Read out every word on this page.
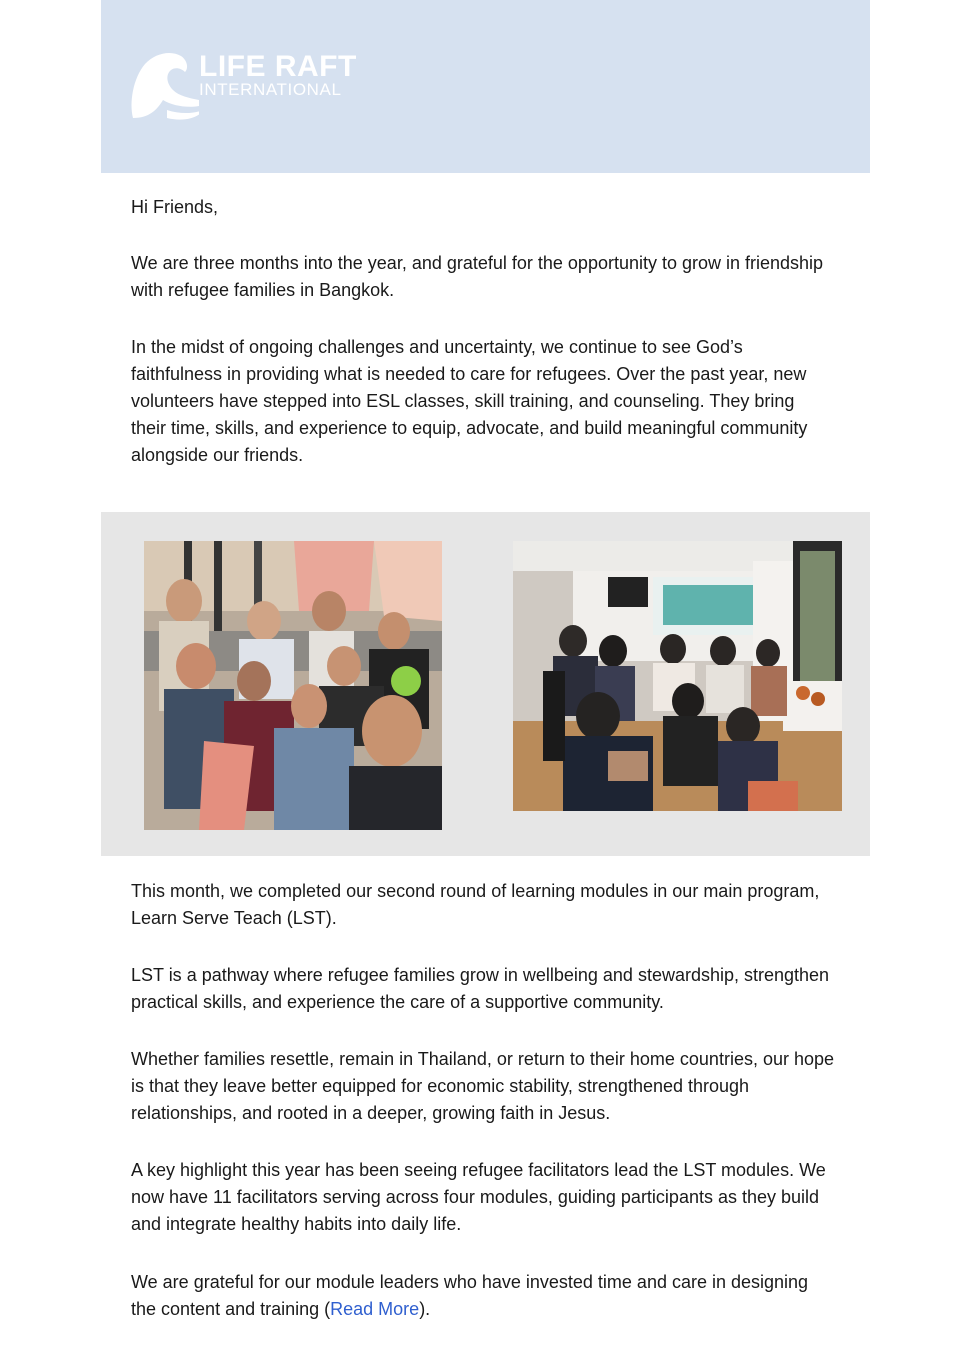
LIFE RAFT
INTERNATIONAL

Hi Friends,

We are three months into the year, and grateful for the opportunity to grow in friendship with refugee families in Bangkok.

In the midst of ongoing challenges and uncertainty, we continue to see God’s faithfulness in providing what is needed to care for refugees. Over the past year, new volunteers have stepped into ESL classes, skill training, and counseling. They bring their time, skills, and experience to equip, advocate, and build meaningful community alongside our friends.

This month, we completed our second round of learning modules in our main program, Learn Serve Teach (LST).

LST is a pathway where refugee families grow in wellbeing and stewardship, strengthen practical skills, and experience the care of a supportive community.

Whether families resettle, remain in Thailand, or return to their home countries, our hope is that they leave better equipped for economic stability, strengthened through relationships, and rooted in a deeper, growing faith in Jesus.

A key highlight this year has been seeing refugee facilitators lead the LST modules. We now have 11 facilitators serving across four modules, guiding participants as they build and integrate healthy habits into daily life.

We are grateful for our module leaders who have invested time and care in designing the content and training (Read More).
